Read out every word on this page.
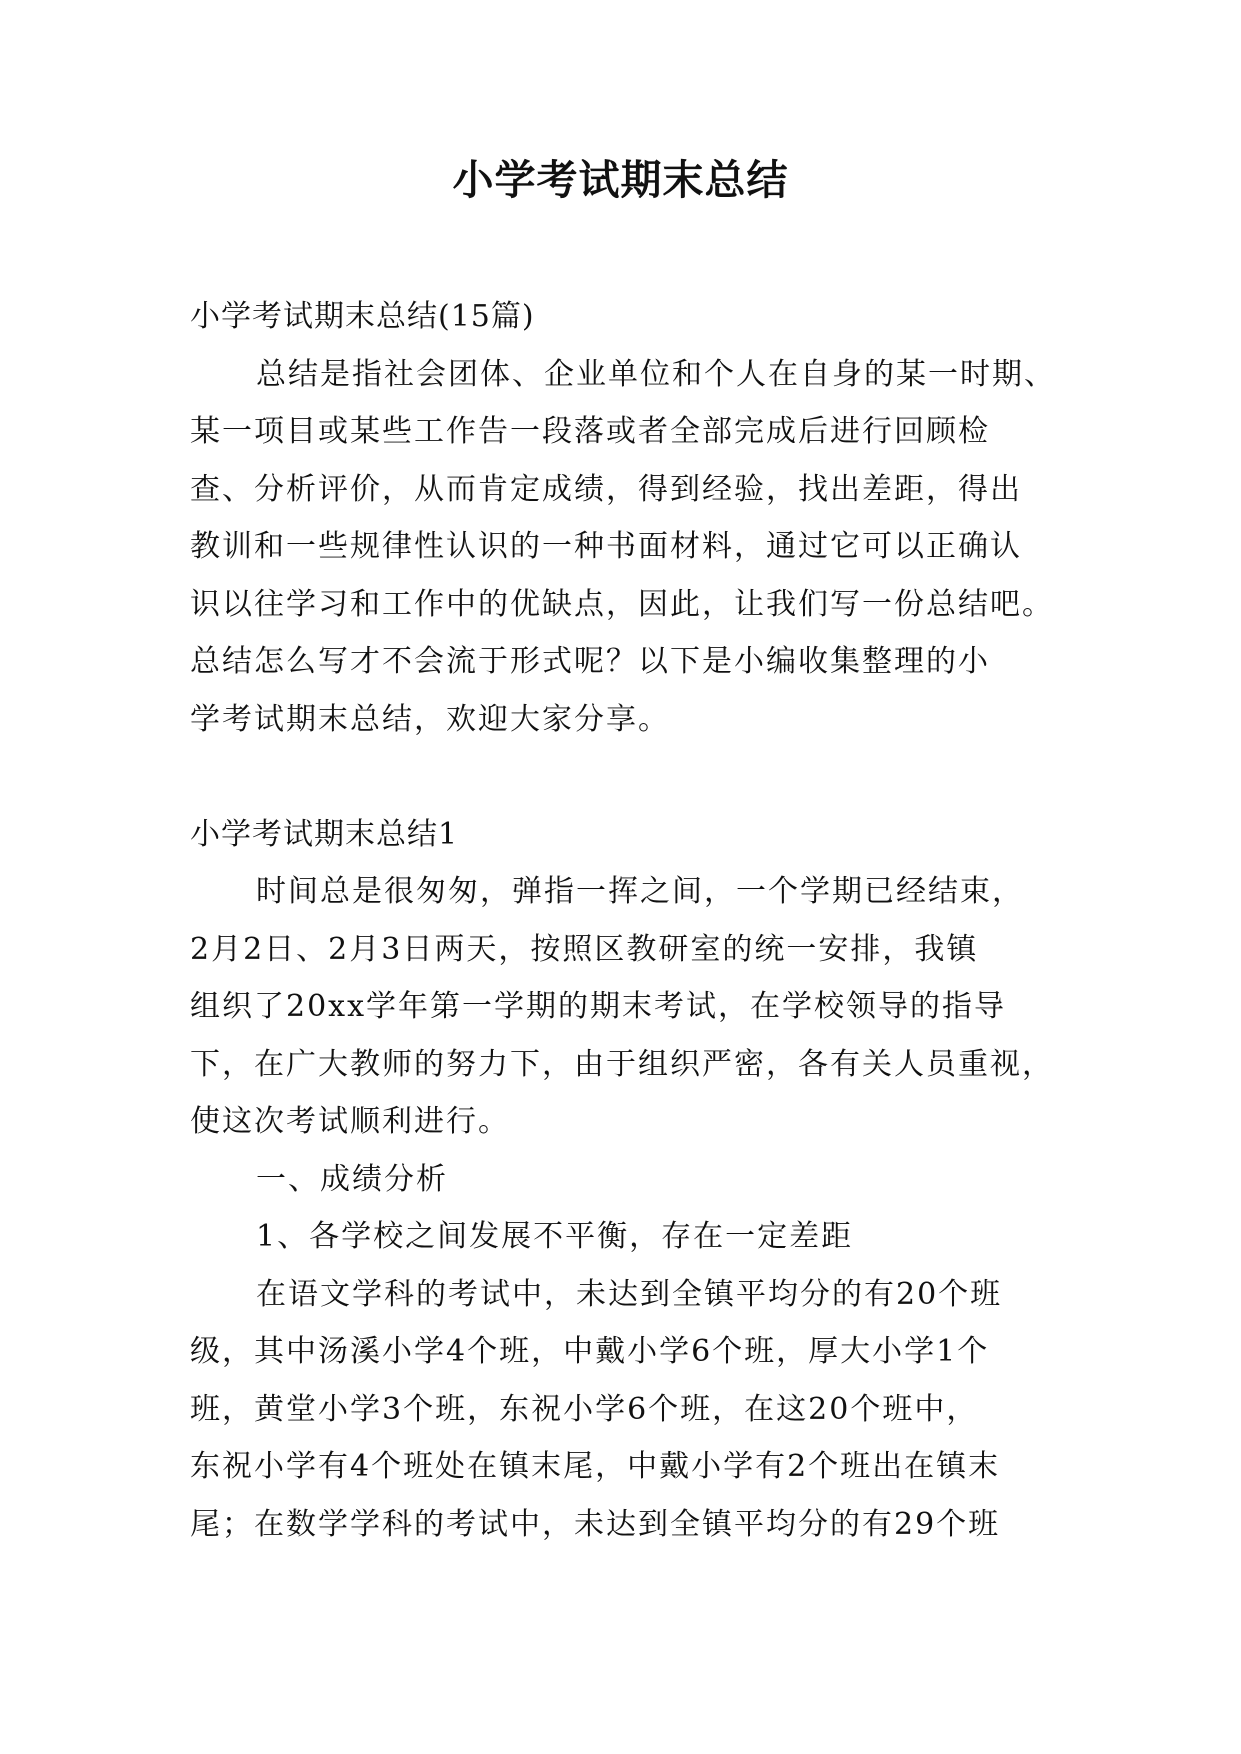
小学考试期末总结
小学考试期末总结(15篇)
总结是指社会团体、企业单位和个人在自身的某一时期、
某一项目或某些工作告一段落或者全部完成后进行回顾检
查、分析评价，从而肯定成绩，得到经验，找出差距，得出
教训和一些规律性认识的一种书面材料，通过它可以正确认
识以往学习和工作中的优缺点，因此，让我们写一份总结吧。
总结怎么写才不会流于形式呢？以下是小编收集整理的小
学考试期末总结，欢迎大家分享。
小学考试期末总结1
时间总是很匆匆，弹指一挥之间，一个学期已经结束，
2月2日、2月3日两天，按照区教研室的统一安排，我镇
组织了20xx学年第一学期的期末考试，在学校领导的指导
下，在广大教师的努力下，由于组织严密，各有关人员重视，
使这次考试顺利进行。
一、成绩分析
1、各学校之间发展不平衡，存在一定差距
在语文学科的考试中，未达到全镇平均分的有20个班
级，其中汤溪小学4个班，中戴小学6个班，厚大小学1个
班，黄堂小学3个班，东祝小学6个班，在这20个班中，
东祝小学有4个班处在镇末尾，中戴小学有2个班出在镇末
尾；在数学学科的考试中，未达到全镇平均分的有29个班
